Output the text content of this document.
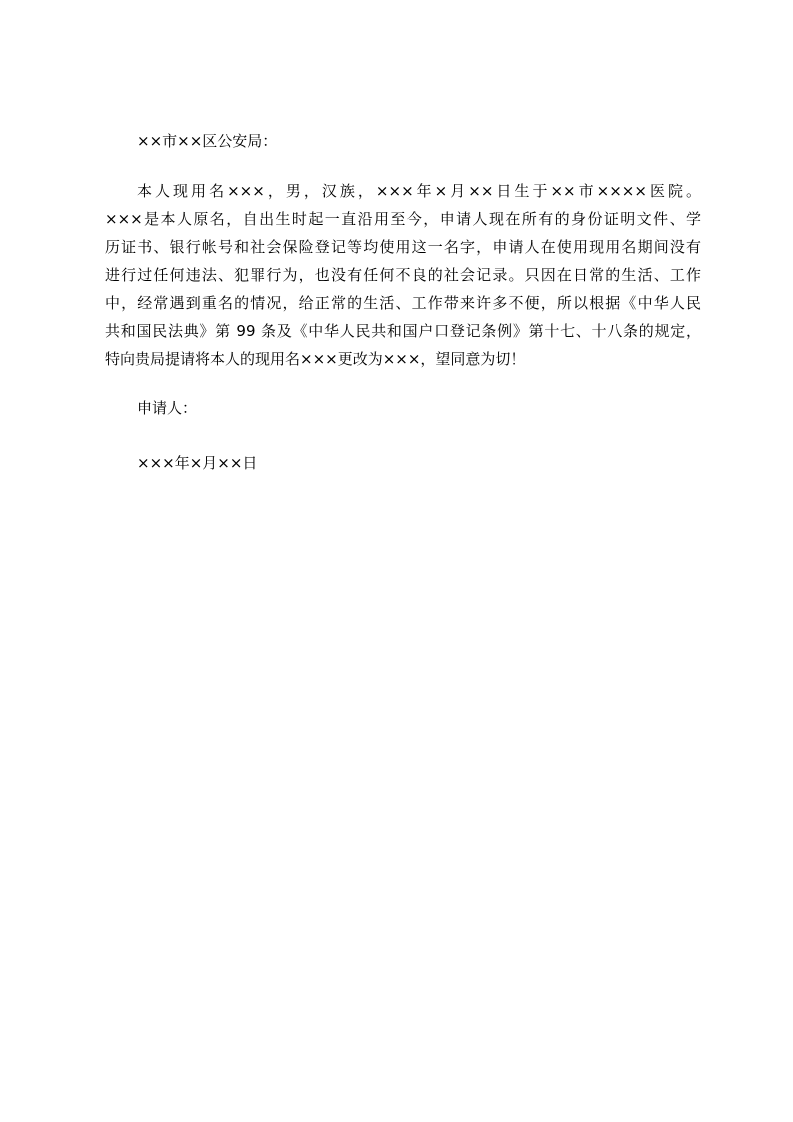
××市××区公安局：
本人现用名×××，男，汉族，×××年×月××日生于××市××××医院。
×××是本人原名，自出生时起一直沿用至今，申请人现在所有的身份证明文件、学
历证书、银行帐号和社会保险登记等均使用这一名字，申请人在使用现用名期间没有
进行过任何违法、犯罪行为，也没有任何不良的社会记录。只因在日常的生活、工作
中，经常遇到重名的情况，给正常的生活、工作带来许多不便，所以根据《中华人民
共和国民法典》第 99 条及《中华人民共和国户口登记条例》第十七、十八条的规定，
特向贵局提请将本人的现用名×××更改为×××，望同意为切！
申请人：
×××年×月××日
